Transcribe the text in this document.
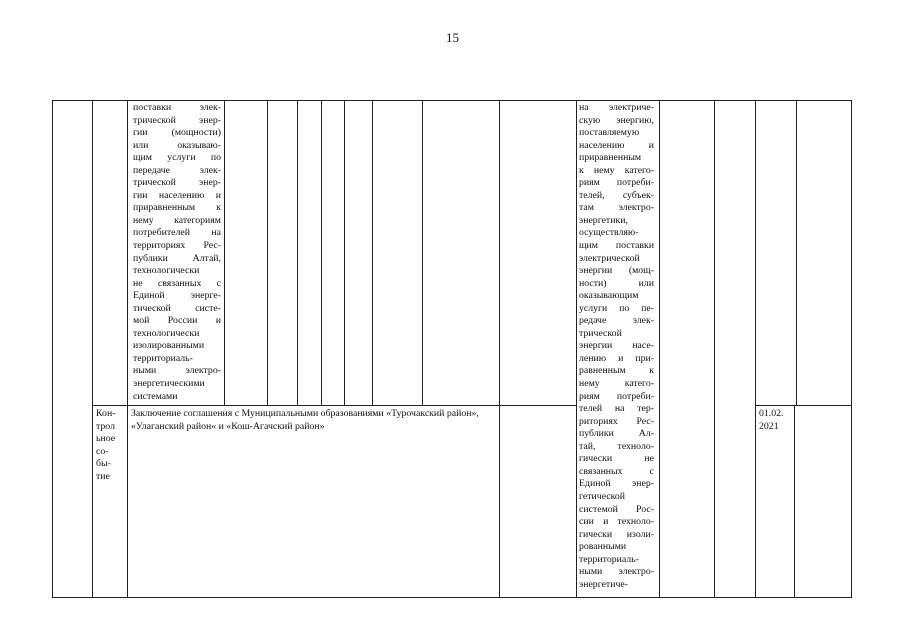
15
поставки элек-
трической энер-
гии (мощности)
или оказываю-
щим услуги по
передаче элек-
трической энер-
гии населению и
приравненным к
нему категориям
потребителей на
территориях Рес-
публики Алтай,
технологически
не связанных с
Единой энерге-
тической систе-
мой России и
технологически
изолированными
территориаль-
ными электро-
энергетическими
системами
на электриче-
скую энергию,
поставляемую
населению и
приравненным
к нему катего-
риям потреби-
телей, субъек-
там электро-
энергетики,
осуществляю-
щим поставки
электрической
энергии (мощ-
ности) или
оказывающим
услуги по пе-
редаче элек-
трической
энергии насе-
лению и при-
равненным к
нему катего-
риям потреби-
телей на тер-
риториях Рес-
публики Ал-
тай, техноло-
гически не
связанных с
Единой энер-
гетической
системой Рос-
сии и техноло-
гически изоли-
рованными
территориаль-
ными электро-
энергетиче-
Кон-
трол
ьное
со-
бы-
тие
Заключение соглашения с Муниципальными образованиями «Турочакский район», «Улаганский район« и «Кош-Агачский район»
01.02.
2021
